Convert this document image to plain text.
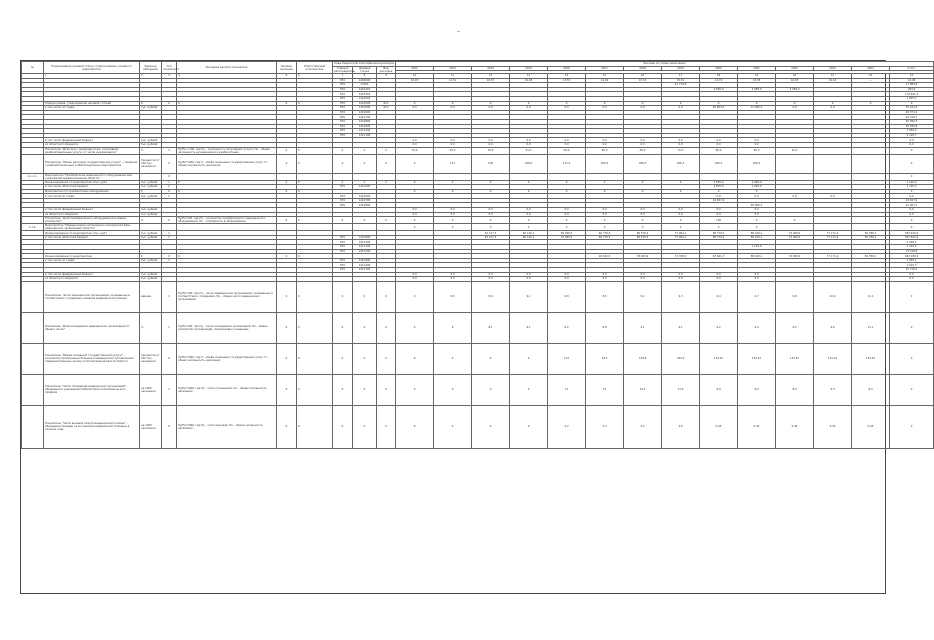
–
№	Наименование целевой статьи, подпрограммы, основного мероприятия	Единица измерения	Тип показателя	Методика расчёта показателя	Базовое значение	Ответственный исполнитель	Коды бюджетной классификации расходов			Расходы по годам реализации													
							Главный распорядитель	Целевая статья	Вид расходов	2012	2013	2014	2015	2016	2017	2018	2019	2020	2021	2022	2023	2024	итого

	1	2	3	4	5	6	7	8	9	10	11	12	13	14	15	16	17	18	19	20	21	22	23
							870	1400000		10,93	11,51	10,57	10,28	13,55	14,09	15,33	15,31	14,79	15,38	16,05	16,43	—	22,98
							870	14101									41 779,6						17 889,6
							870	1410201										2 895,0	3 089,0	3 089,0			263,6
							870	1410302															176 641,5
							870	1410503															1 025,2
	Подпрограмма, утверждённая целевой статьёй	0	0	0	0	0	870	1410500	611	0	0	0	0	0	0	0	0	0	0	0	0	0	0
	в том числе по годам	тыс. рублей					870	1410500	612	0,0	0,0	0,0	0,0	0,0	0,0	0,0	0,0	46 803,5	31 960,1	0,0	0,0		55 104,9
							870	1410600															26 371,2
							870	1410700															26 316,7
							870	1410800															45 090,3
							870	1410900															36 284,9
							870	1411000															7 050,0
							870	1411100															2 103,7
	в том числе федеральный бюджет	тыс. рублей								0,0	0,0	0,0	0,0	0,0	0,0	0,0	0,0	0,0	0,0				0,0
	из областного бюджета	тыс. рублей								0,0	0,0	0,0	0,0	0,0	0,0	0,0	0,0	0,0	0,0				0,0
	Показатель "Доля лиц с инвалидностью, получивших реабилитационные услуги, от числа нуждающихся"	%	3	Пу/Пн х 100, где Пу – численность получивших услуги, Пн – общая численность нуждающихся в реабилитации	0	0	0	0	0	10,0	25,0	25,0	31,0	40,0	60,0	60,0	70,0	90,0	90,0	90,0			0
	Показатель "Объем расходов государственной услуги" – сведения о реабилитационных и абилитационных мероприятиях	процентов от 100 тыс. населения	0	Пу/Пн*1000, где Р – объём оказанных государственных услуг, Н – общая численность населения	0	0	0	0	0	0	117	100	108,0	171,2	205,3	206,3	206,3	206,3	206,3				0
1.1.1.1.	Мероприятие "Приобретение медицинского оборудования для учреждений здравоохранения области"		0																				0
	Финансирование по мероприятию (тыс. руб.)	тыс. рублей	1	0	0	0	0	0	0	0	0	0	0	0	0	0	0	2 835,0	1 920,0				1 120,0
	в том числе областной бюджет	тыс. рублей	2				870	1410500										2 835,0	1 920,0				1 120,0
	Мероприятие по приобретению оборудования	0	0	0	0	0				0	0	0	0	0	0	0	0	0	0				0
	в том числе по годам	тыс. рублей	1				870	1410600										0,0	0,0	0,0	0,0		0,0
							870	1410700										24 847,9					24 847,9
							870	1410800											28 900,1				15 001,7
	в том числе федеральный бюджет	тыс. рублей								0,0	0,0	0,0	0,0	0,0	0,0	0,0	0,0	0,0	0,0				0,0
	из областного бюджета	тыс. рублей								0,0	0,0	0,0	0,0	0,0	0,0	0,0	0,0	0,0	0,0				0,0
	Показатель "Доля приобретённого оборудования в общем количестве"	%	0	Пу/Пн*100, где Пу – количество приобретённого медицинского оборудования, Пн – потребность в оборудовании	0	0	0	0	0	0	0	0	0	0	0	0	0	100	0	0			0
1.1.2.	Мероприятие "Модернизация материально-технической базы медицинских организаций области"									0	0	0	0	0	0	0	0	0	0				0
	Финансирование по мероприятию (тыс. руб.)	тыс. рублей	1									52 127,3	60 126,1	69 298,5	60 776,3	68 576,5	77 094,1	68 779,2	88 108,1	74 008,0	77 171,9	56 788,1	839 426,9
	в том числе областной бюджет	тыс. рублей	1				870	1410900				52 127,3	60 126,1	70 080,5	60 776,3	68 576,5	77 094,1	68 779,2	88 108,1	74 008,0	77 171,9	56 788,1	837 823,9
							870	1411000															2 090,1
							870	1411100											1 219,9				1 219,9
							870	1411200															13 218,9
	Финансирование по мероприятию	0	0	0	0	0									29 162,5	78 203,9	73 768,0	67 641,3	88 108,1	74 008,0	77 171,9	56 788,1	663 038,9
	в том числе по годам	тыс. рублей	1				870	1410900															1 093,1
							870	1411000															1 015,3
							870	1411100															15 776,1
	в том числе федеральный бюджет	тыс. рублей								0,0	0,0	0,0	0,0	0,0	0,0	0,0	0,0	0,0	0,0				0,0
	из областного бюджета	тыс. рублей								0,0	0,0	0,0	0,0	0,0	0,0	0,0	0,0	0,0	0,0				0,0
	Показатель "число медицинских организаций, оснащённых в соответствии с порядками оказания медицинской помощи"	единиц	1	Пу/Пн*100, где Пу – число медицинских организаций, оснащённых в соответствии с порядками, Пн – общее число медицинских организаций	0	0	0	0	0	0	9,5	8,6	9,1	9,8	8,5	9,1	9,3	9,4	9,7	9,8	10,0	11,1	0
	Показатель "Доля оснащённых медицинских организаций от общего числа"	%	1	Пу/Пн*100, где Пу – число оснащённых организаций, Пн – общее количество организаций, подлежащих оснащению	0	0	0	0	0	0	8	8,1	8,1	8,2	8,8	9,1	9,1	9,2	9,4	9,5	9,6	11,1	0
	Показатель "Объем оказанной государственной услуги" – количество пролеченных больных в медицинских организациях, подведомственных органу исполнительной власти области	процентов от 100 тыс. населения	0	Пу/Пн*1000, где Р – объём оказанных государственных услуг, Н – общая численность населения	0	0	0	0	0	0	0	0	0	174	18,5	158,8	163,9	139,01	135,43	133,61	131,01	135,43	0
	Показатель "Число посещений медицинских организаций" – обращения в учреждения амбулаторно-поликлинического профиля	на 1000 населения	1	Пу/Пн*1000, где Пу – число посещений, Пн – общая численность населения	0	0	0	0	0	0	0	0	0	11	15	14,3	13,6	9,9	8,9	8,9	9,3	8,3	0
	Показатель "Число вызовов скорой медицинской помощи" – обращения граждан за экстренной медицинской помощью в течение года	на 1000 населения	0	Пу/Пн*1000, где Пу – число вызовов, Пн – общая численность населения	0	0	0	0	0	0	0	0	0	2,2	2,3	2,5	2,6	0,45	0,45	0,45	0,45	0,45	0
